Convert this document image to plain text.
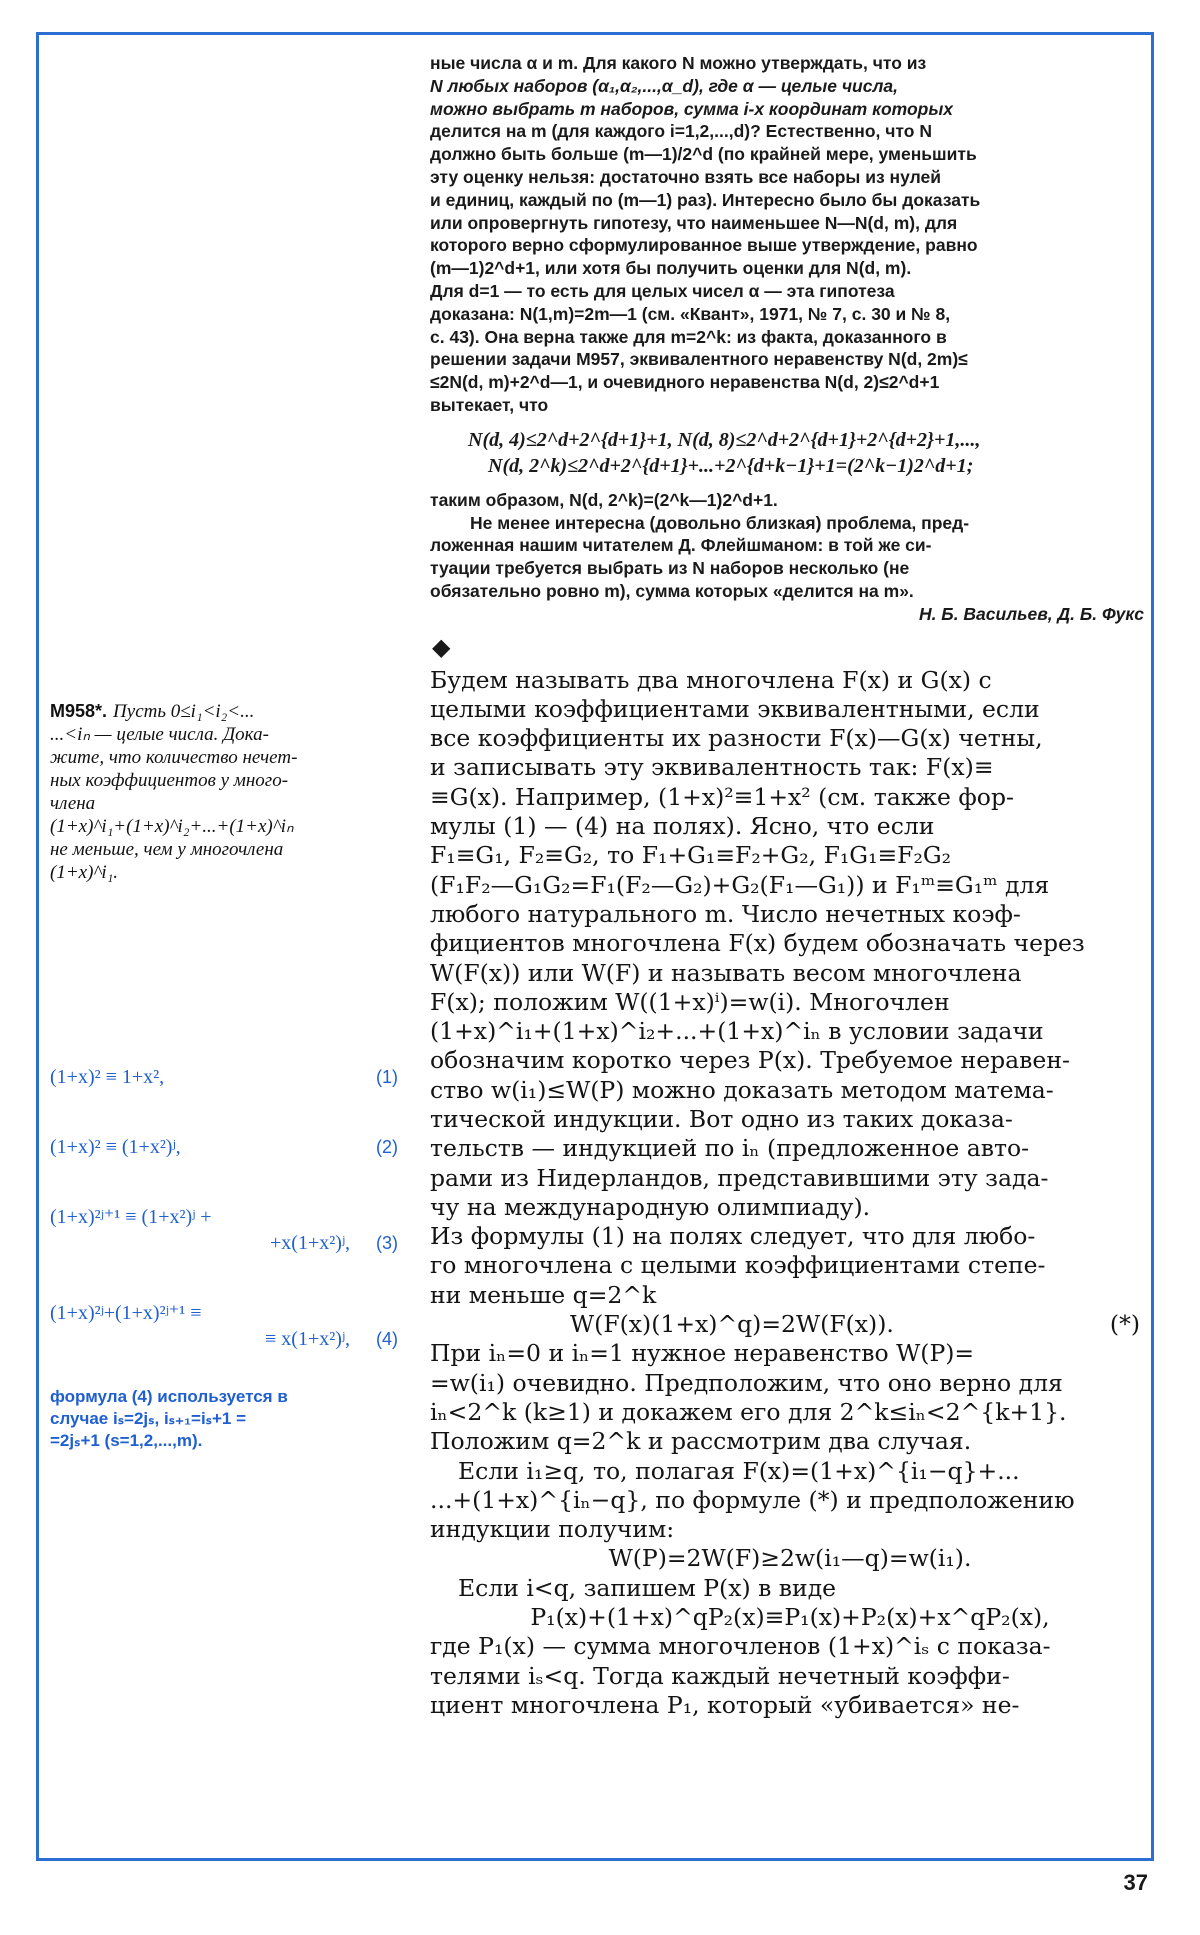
M958*. Пусть 0≤i₁<i₂<...
...<iₙ — целые числа. Дока-
жите, что количество нечет-
ных коэффициентов у много-
члена
(1+x)^i₁+(1+x)^i₂+...+(1+x)^iₙ
не меньше, чем у многочлена
(1+x)^i₁.
(1+x)² ≡ 1+x²,	(1)
(1+x)² ≡ (1+x²)ʲ,	(2)
(1+x)²ʲ⁺¹ ≡ (1+x²)ʲ +
+x(1+x²)ʲ,	(3)
(1+x)²ʲ+(1+x)²ʲ⁺¹ ≡
≡ x(1+x²)ʲ,	(4)
формула (4) используется в
случае iₛ=2jₛ, iₛ₊₁=iₛ+1 =
=2jₛ+1 (s=1,2,...,m).
ные числа α и m. Для какого N можно утверждать, что из
N любых наборов (α₁,α₂,...,α_d), где α — целые числа,
можно выбрать m наборов, сумма i-х координат которых
делится на m (для каждого i=1,2,...,d)? Естественно, что N
должно быть больше (m—1)/2^d (по крайней мере, уменьшить
эту оценку нельзя: достаточно взять все наборы из нулей
и единиц, каждый по (m—1) раз). Интересно было бы доказать
или опровергнуть гипотезу, что наименьшее N—N(d, m), для
которого верно сформулированное выше утверждение, равно
(m—1)2^d+1, или хотя бы получить оценки для N(d, m).
Для d=1 — то есть для целых чисел α — эта гипотеза
доказана: N(1,m)=2m—1 (см. «Квант», 1971, № 7, с. 30 и № 8,
с. 43). Она верна также для m=2^k: из факта, доказанного в
решении задачи М957, эквивалентного неравенству N(d, 2m)≤
≤2N(d, m)+2^d—1, и очевидного неравенства N(d, 2)≤2^d+1
вытекает, что
N(d, 4)≤2^d+2^{d+1}+1, N(d, 8)≤2^d+2^{d+1}+2^{d+2}+1,...,
N(d, 2^k)≤2^d+2^{d+1}+...+2^{d+k−1}+1=(2^k−1)2^d+1;
таким образом, N(d, 2^k)=(2^k—1)2^d+1.
Не менее интересна (довольно близкая) проблема, пред-
ложенная нашим читателем Д. Флейшманом: в той же си-
туации требуется выбрать из N наборов несколько (не
обязательно ровно m), сумма которых «делится на m».
Н. Б. Васильев, Д. Б. Фукс
◆
Будем называть два многочлена F(x) и G(x) с
целыми коэффициентами эквивалентными, если
все коэффициенты их разности F(x)—G(x) четны,
и записывать эту эквивалентность так: F(x)≡
≡G(x). Например, (1+x)²≡1+x² (см. также фор-
мулы (1) — (4) на полях). Ясно, что если
F₁≡G₁, F₂≡G₂, то F₁+G₁≡F₂+G₂, F₁G₁≡F₂G₂
(F₁F₂—G₁G₂=F₁(F₂—G₂)+G₂(F₁—G₁)) и F₁ᵐ≡G₁ᵐ для
любого натурального m. Число нечетных коэф-
фициентов многочлена F(x) будем обозначать через
W(F(x)) или W(F) и называть весом многочлена
F(x); положим W((1+x)ⁱ)=w(i). Многочлен
(1+x)^i₁+(1+x)^i₂+...+(1+x)^iₙ в условии задачи
обозначим коротко через P(x). Требуемое неравен-
ство w(i₁)≤W(P) можно доказать методом матема-
тической индукции. Вот одно из таких доказа-
тельств — индукцией по iₙ (предложенное авто-
рами из Нидерландов, представившими эту зада-
чу на международную олимпиаду).
Из формулы (1) на полях следует, что для любо-
го многочлена с целыми коэффициентами степе-
ни меньше q=2^k
W(F(x)(1+x)^q)=2W(F(x)).	(*)
При iₙ=0 и iₙ=1 нужное неравенство W(P)=
=w(i₁) очевидно. Предположим, что оно верно для
iₙ<2^k (k≥1) и докажем его для 2^k≤iₙ<2^{k+1}.
Положим q=2^k и рассмотрим два случая.
Если i₁≥q, то, полагая F(x)=(1+x)^{i₁−q}+...
...+(1+x)^{iₙ−q}, по формуле (*) и предположению
индукции получим:
W(P)=2W(F)≥2w(i₁—q)=w(i₁).
Если i<q, запишем P(x) в виде
P₁(x)+(1+x)^qP₂(x)≡P₁(x)+P₂(x)+x^qP₂(x),
где P₁(x) — сумма многочленов (1+x)^iₛ с показа-
телями iₛ<q. Тогда каждый нечетный коэффи-
циент многочлена P₁, который «убивается» не-
37
